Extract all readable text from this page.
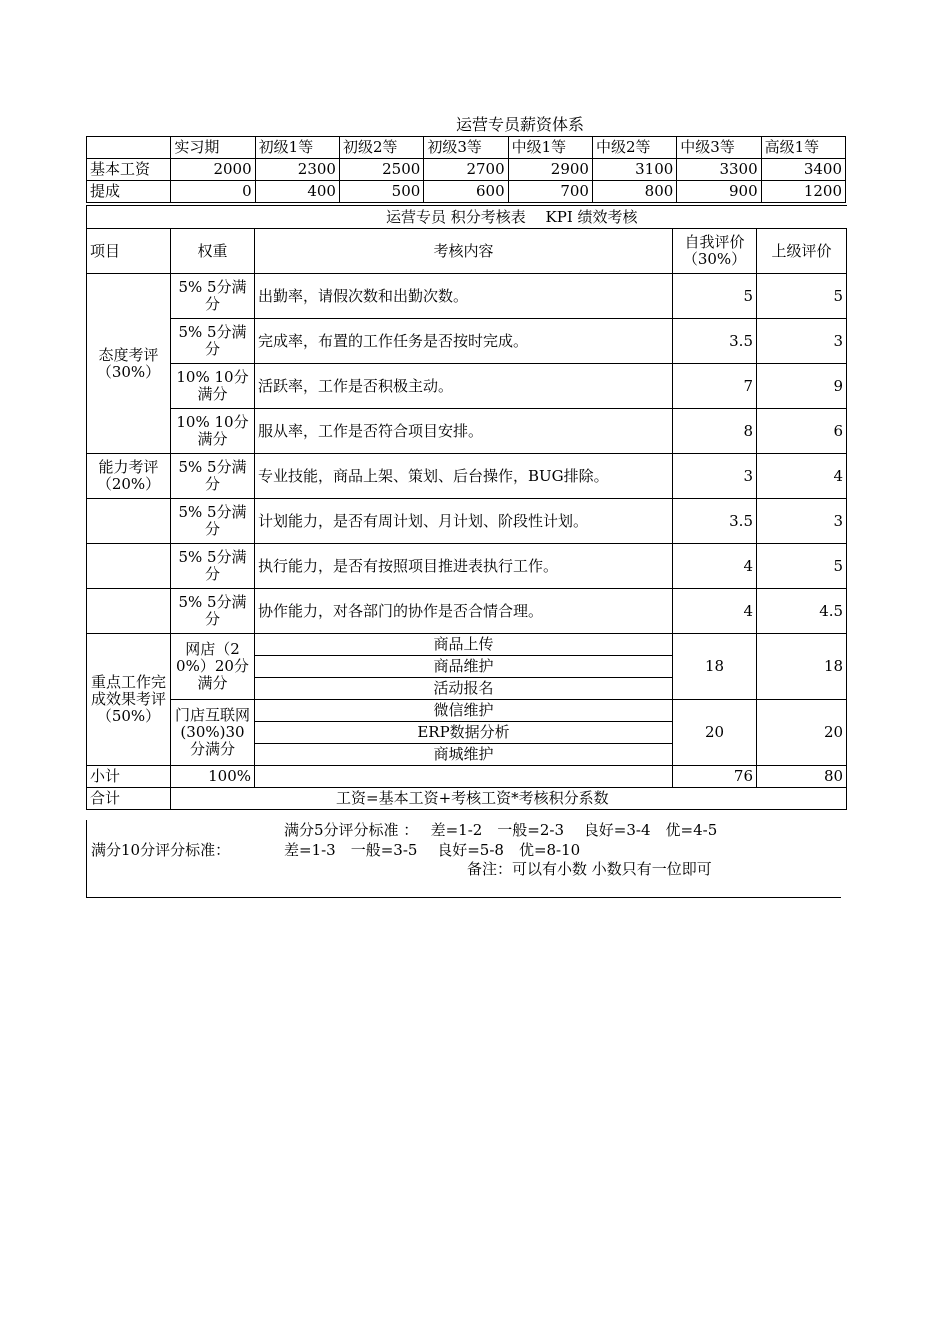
运营专员薪资体系
	实习期	初级1等	初级2等	初级3等	中级1等	中级2等	中级3等	高级1等
基本工资	2000	2300	2500	2700	2900	3100	3300	3400
提成	0	400	500	600	700	800	900	1200
运营专员 积分考核表　 KPI 绩效考核				
项目	权重	考核内容	自我评价（30%）	上级评价
态度考评（30%）	5% 5分满分	出勤率，请假次数和出勤次数。	5	5
	5% 5分满分	完成率，布置的工作任务是否按时完成。	3.5	3
	10% 10分满分	活跃率，工作是否积极主动。	7	9
	10% 10分满分	服从率，工作是否符合项目安排。	8	6
能力考评（20%）	5% 5分满分	专业技能，商品上架、策划、后台操作，BUG排除。	3	4
	5% 5分满分	计划能力，是否有周计划、月计划、阶段性计划。	3.5	3
	5% 5分满分	执行能力，是否有按照项目推进表执行工作。	4	5
	5% 5分满分	协作能力，对各部门的协作是否合情合理。	4	4.5
重点工作完成效果考评（50%）	网店（20%）20分满分	商品上传	18	18
		商品维护		
		活动报名		
	门店互联网(30%)30分满分	微信维护	20	20
		ERP数据分析		
		商城维护		
小计	100%		76	80
合计	工资=基本工资+考核工资*考核积分系数			
满分5分评分标准 ：　 差=1-2　一般=2-3　 良好=3-4　优=4-5
满分10分评分标准：	差=1-3　一般=3-5　 良好=5-8　优=8-10
备注：可以有小数 小数只有一位即可
